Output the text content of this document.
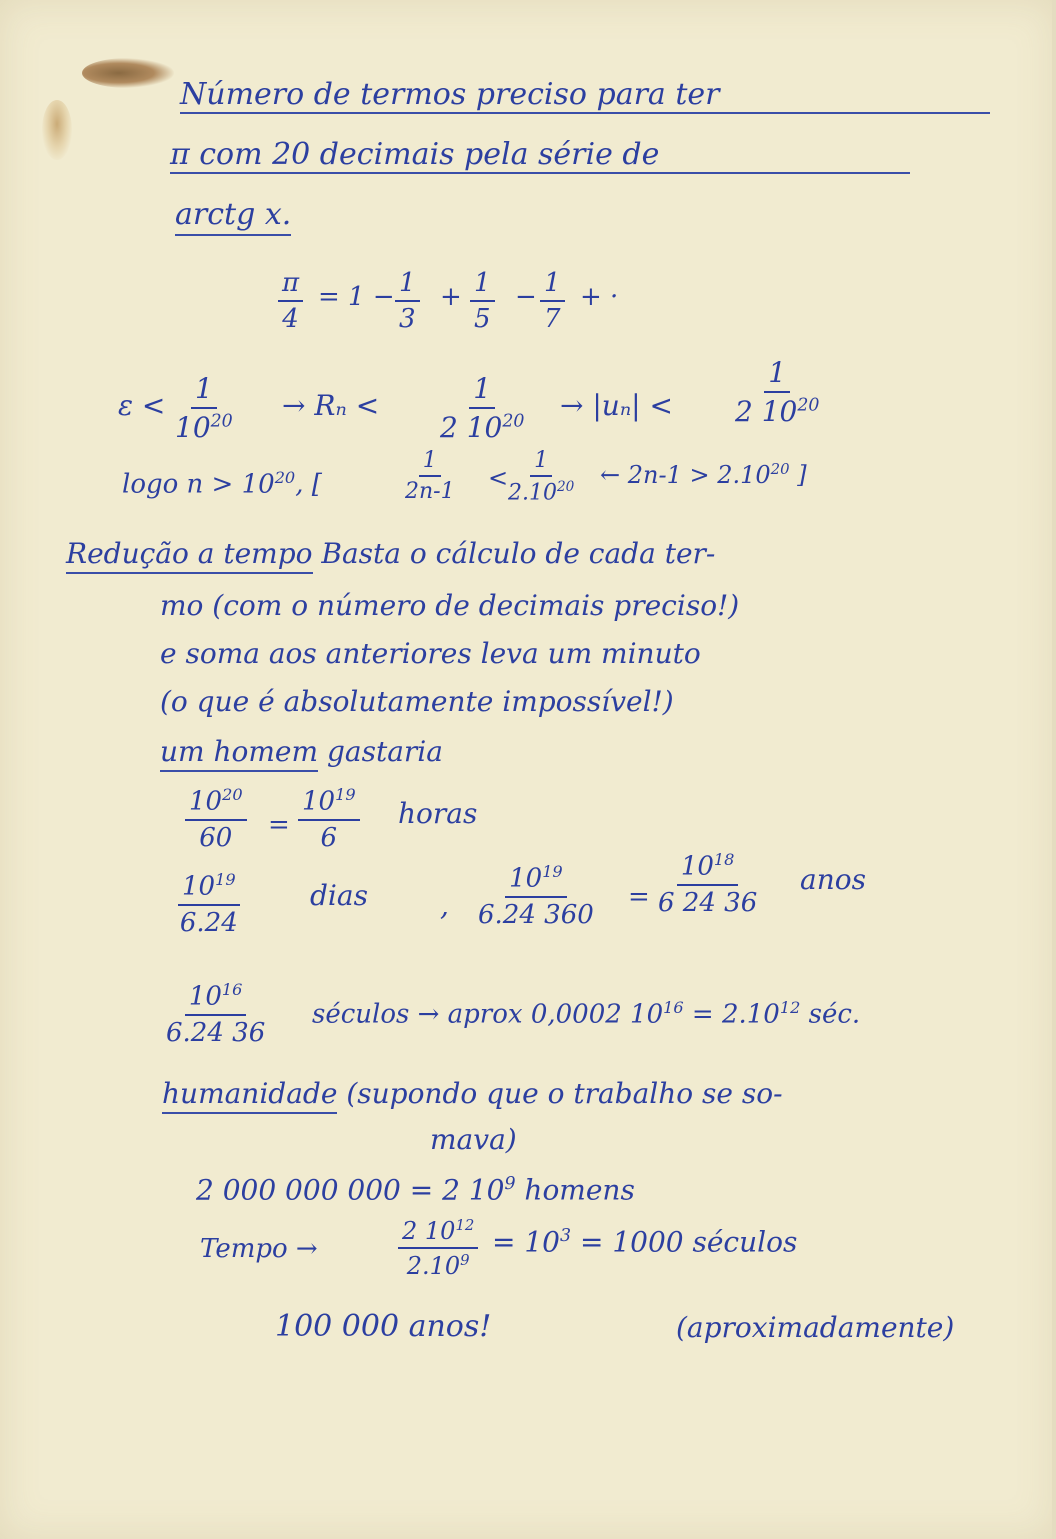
Número de termos preciso para ter
π com 20 decimais pela série de
arctg x.
$\frac{\pi}{4} = 1 - \frac{1}{3} + \frac{1}{5} - \frac{1}{7}$ + ·
$\varepsilon < \frac{1}{10^{20}} \to R_n < \frac{1}{2 10^{20}} \to |u_n| < \frac{1}{2 10^{20}}$
logo $n > 10^{20}$, [	$\frac{1}{2n-1} < \frac{1}{2.10^{20}}$ ← $2n-1 > 2.10^{20}$ ]
Redução a tempo Basta o cálculo de cada ter-
mo (com o número de decimais preciso!)
e soma aos anteriores leva um minuto
(o que é absolutamente impossível!)
um homem gastaria
$\frac{10^{20}}{60} = \frac{10^{19}}{6}$ horas
$\frac{10^{19}}{6.24}$	dias	, $\frac{10^{19}}{6.24 360} = \frac{10^{18}}{6 24 36}$ anos
$\frac{10^{16}}{6.24 36}$ séculos → aprox 0,0002 $10^{16} = 2.10^{12}$ séc.
humanidade (supondo que o trabalho se so-
mava)
2 000 000 000 = 2 $10^9$ homens
Tempo →	$\frac{2 10^{12}}{2.10^9} = 10^3 = 1000$ séculos
100 000 anos!	(aproximadamente)
